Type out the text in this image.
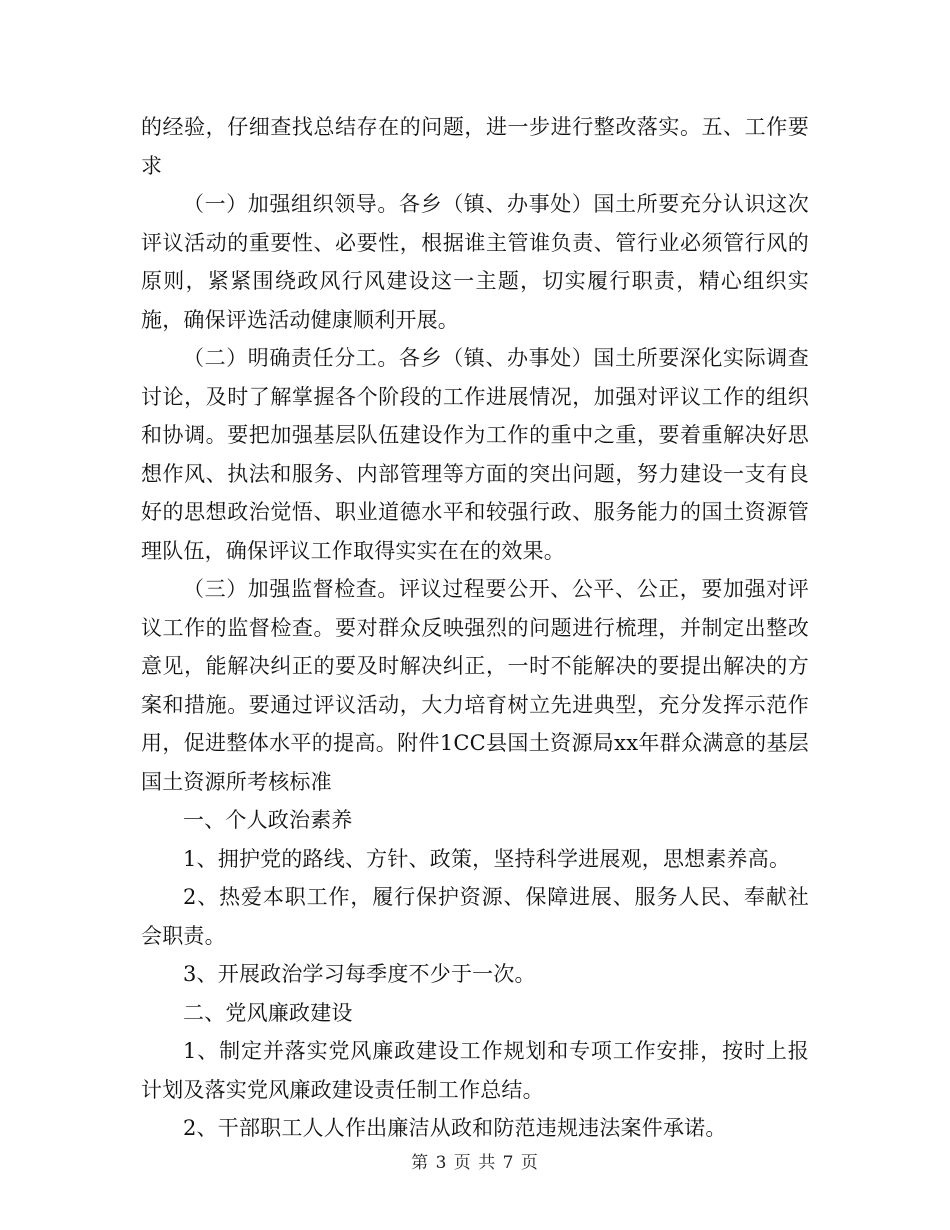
的经验，仔细查找总结存在的问题，进一步进行整改落实。五、工作要求

（一）加强组织领导。各乡（镇、办事处）国土所要充分认识这次评议活动的重要性、必要性，根据谁主管谁负责、管行业必须管行风的原则，紧紧围绕政风行风建设这一主题，切实履行职责，精心组织实施，确保评选活动健康顺利开展。

（二）明确责任分工。各乡（镇、办事处）国土所要深化实际调查讨论，及时了解掌握各个阶段的工作进展情况，加强对评议工作的组织和协调。要把加强基层队伍建设作为工作的重中之重，要着重解决好思想作风、执法和服务、内部管理等方面的突出问题，努力建设一支有良好的思想政治觉悟、职业道德水平和较强行政、服务能力的国土资源管理队伍，确保评议工作取得实实在在的效果。

（三）加强监督检查。评议过程要公开、公平、公正，要加强对评议工作的监督检查。要对群众反映强烈的问题进行梳理，并制定出整改意见，能解决纠正的要及时解决纠正，一时不能解决的要提出解决的方案和措施。要通过评议活动，大力培育树立先进典型，充分发挥示范作用，促进整体水平的提高。附件1CC县国土资源局xx年群众满意的基层国土资源所考核标准

一、个人政治素养

1、拥护党的路线、方针、政策，坚持科学进展观，思想素养高。

2、热爱本职工作，履行保护资源、保障进展、服务人民、奉献社会职责。

3、开展政治学习每季度不少于一次。

二、党风廉政建设

1、制定并落实党风廉政建设工作规划和专项工作安排，按时上报计划及落实党风廉政建设责任制工作总结。

2、干部职工人人作出廉洁从政和防范违规违法案件承诺。

第 3 页 共 7 页
